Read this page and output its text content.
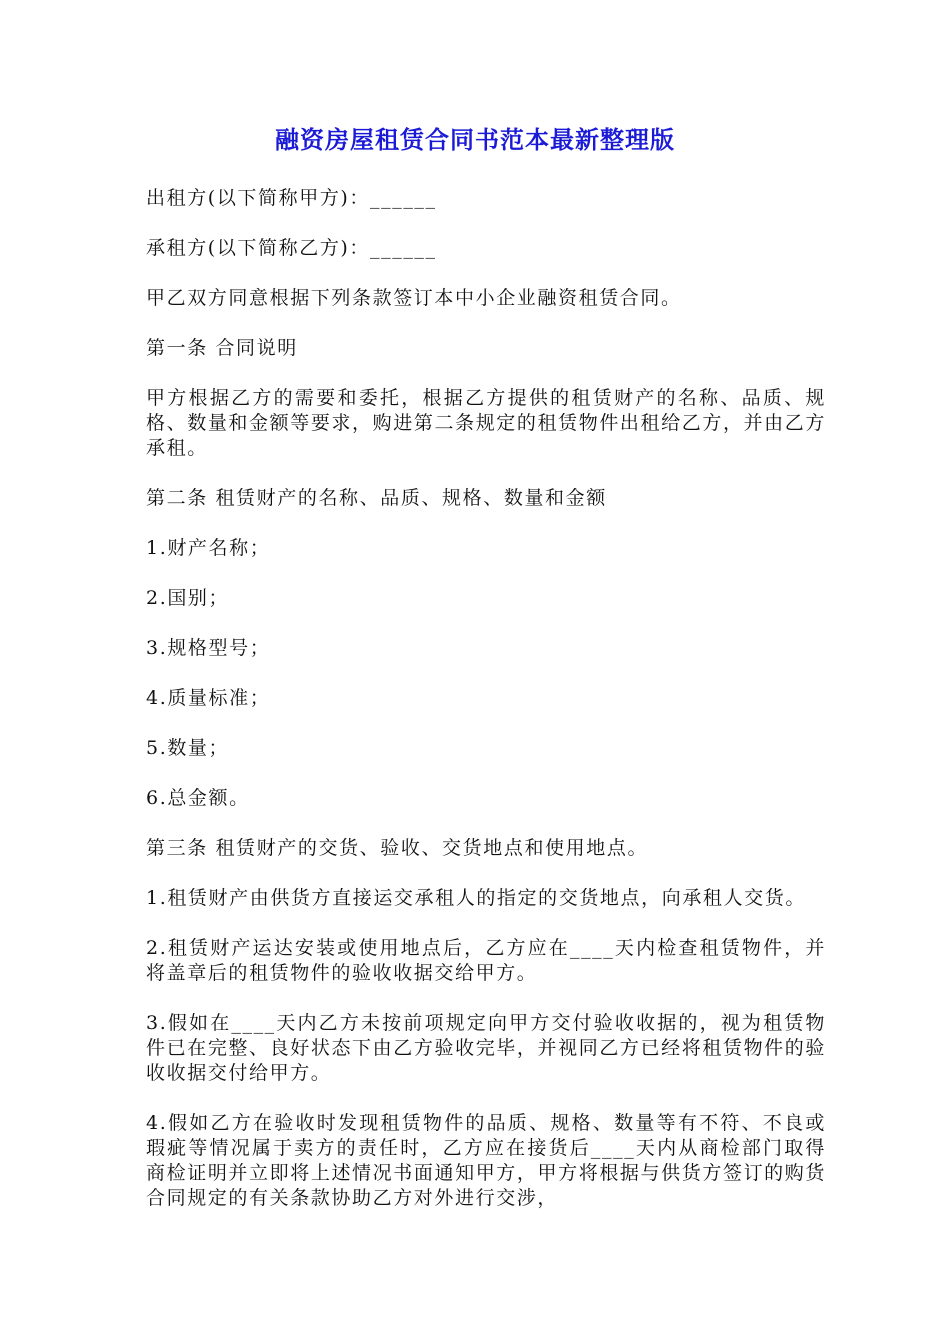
融资房屋租赁合同书范本最新整理版

出租方(以下简称甲方)：______

承租方(以下简称乙方)：______

甲乙双方同意根据下列条款签订本中小企业融资租赁合同。

第一条 合同说明

甲方根据乙方的需要和委托，根据乙方提供的租赁财产的名称、品质、规格、数量和金额等要求，购进第二条规定的租赁物件出租给乙方，并由乙方承租。

第二条 租赁财产的名称、品质、规格、数量和金额

1.财产名称；

2.国别；

3.规格型号；

4.质量标准；

5.数量；

6.总金额。

第三条 租赁财产的交货、验收、交货地点和使用地点。

1.租赁财产由供货方直接运交承租人的指定的交货地点，向承租人交货。

2.租赁财产运达安装或使用地点后，乙方应在____天内检查租赁物件，并将盖章后的租赁物件的验收收据交给甲方。

3.假如在____天内乙方未按前项规定向甲方交付验收收据的，视为租赁物件已在完整、良好状态下由乙方验收完毕，并视同乙方已经将租赁物件的验收收据交付给甲方。

4.假如乙方在验收时发现租赁物件的品质、规格、数量等有不符、不良或瑕疵等情况属于卖方的责任时，乙方应在接货后____天内从商检部门取得商检证明并立即将上述情况书面通知甲方，甲方将根据与供货方签订的购货合同规定的有关条款协助乙方对外进行交涉，
